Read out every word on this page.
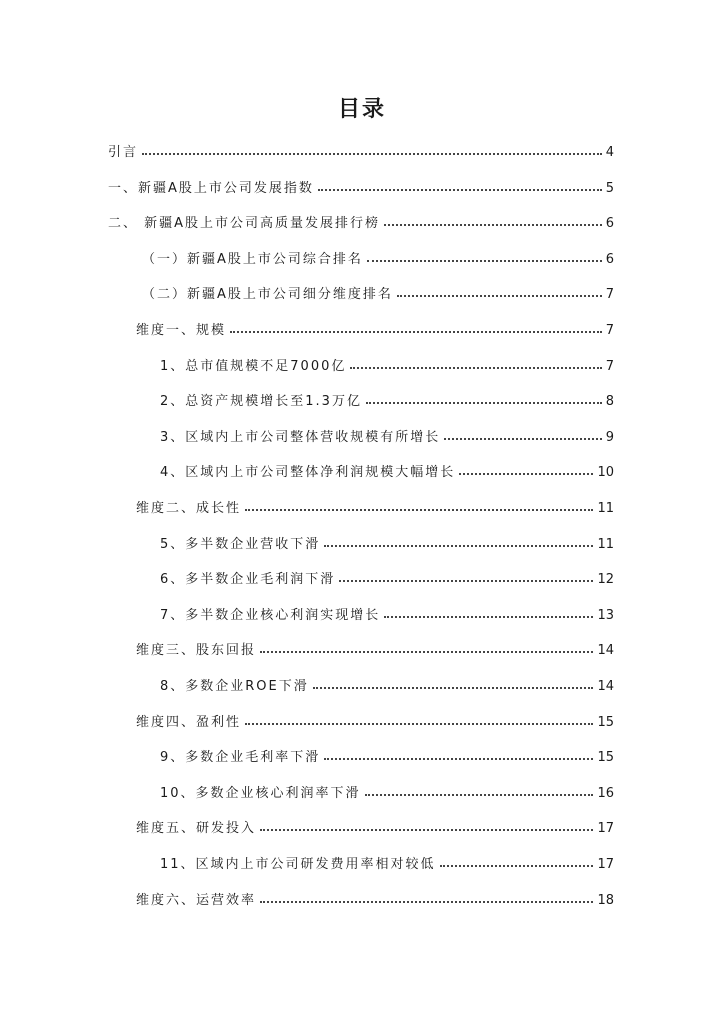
目录
引言	4
一、新疆A股上市公司发展指数	5
二、 新疆A股上市公司高质量发展排行榜	6
（一）新疆A股上市公司综合排名	6
（二）新疆A股上市公司细分维度排名	7
维度一、规模	7
1、总市值规模不足7000亿	7
2、总资产规模增长至1.3万亿	8
3、区域内上市公司整体营收规模有所增长	9
4、区域内上市公司整体净利润规模大幅增长	10
维度二、成长性	11
5、多半数企业营收下滑	11
6、多半数企业毛利润下滑	12
7、多半数企业核心利润实现增长	13
维度三、股东回报	14
8、多数企业ROE下滑	14
维度四、盈利性	15
9、多数企业毛利率下滑	15
10、多数企业核心利润率下滑	16
维度五、研发投入	17
11、区域内上市公司研发费用率相对较低	17
维度六、运营效率	18
